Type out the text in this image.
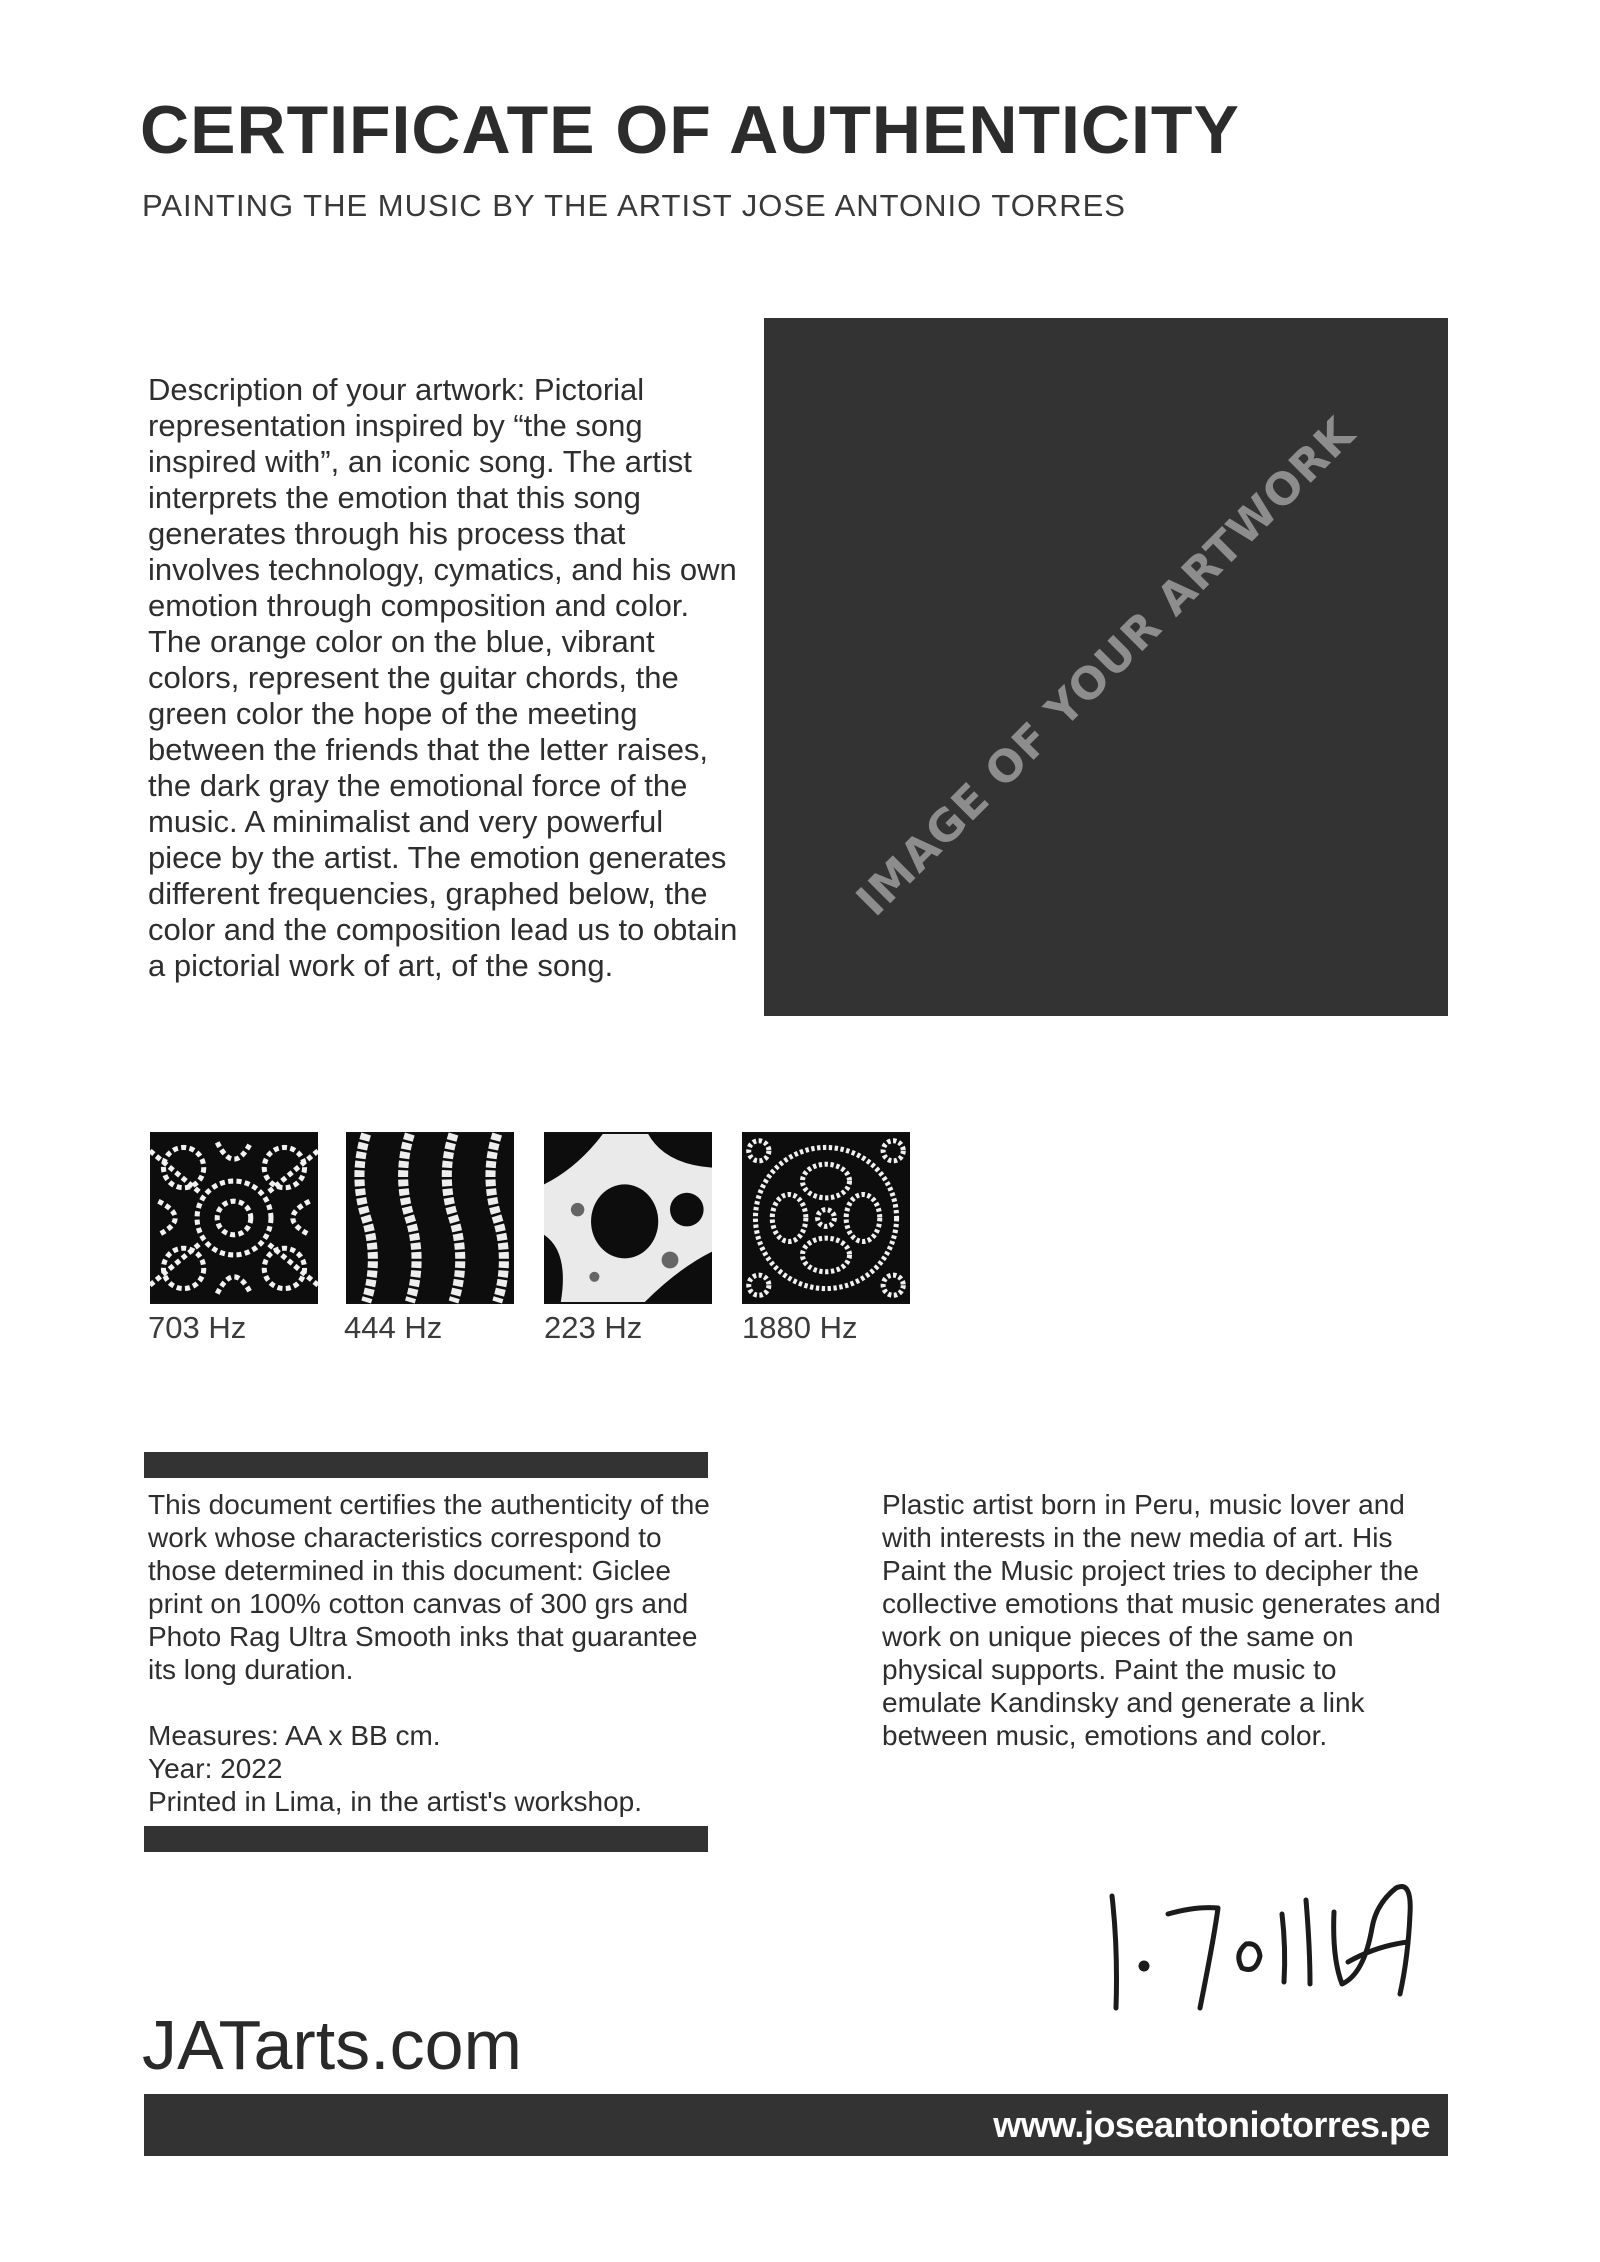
CERTIFICATE OF AUTHENTICITY
PAINTING THE MUSIC BY THE ARTIST JOSE ANTONIO TORRES
Description of your artwork: Pictorial representation inspired by “the song inspired with”, an iconic song. The artist interprets the emotion that this song generates through his process that involves technology, cymatics, and his own emotion through composition and color. The orange color on the blue, vibrant colors, represent the guitar chords, the green color the hope of the meeting between the friends that the letter raises, the dark gray the emotional force of the music. A minimalist and very powerful piece by the artist. The emotion generates different frequencies, graphed below, the color and the composition lead us to obtain a pictorial work of art, of the song.
IMAGE OF YOUR ARTWORK
703 Hz	444 Hz	223 Hz	1880 Hz

This document certifies the authenticity of the work whose characteristics correspond to those determined in this document: Giclee print on 100% cotton canvas of 300 grs and Photo Rag Ultra Smooth inks that guarantee its long duration.

Measures: AA x BB cm.

Year: 2022

Printed in Lima, in the artist's workshop.

Plastic artist born in Peru, music lover and with interests in the new media of art. His Paint the Music project tries to decipher the collective emotions that music generates and work on unique pieces of the same on physical supports. Paint the music to emulate Kandinsky and generate a link between music, emotions and color.
JATarts.com
www.joseantoniotorres.pe
